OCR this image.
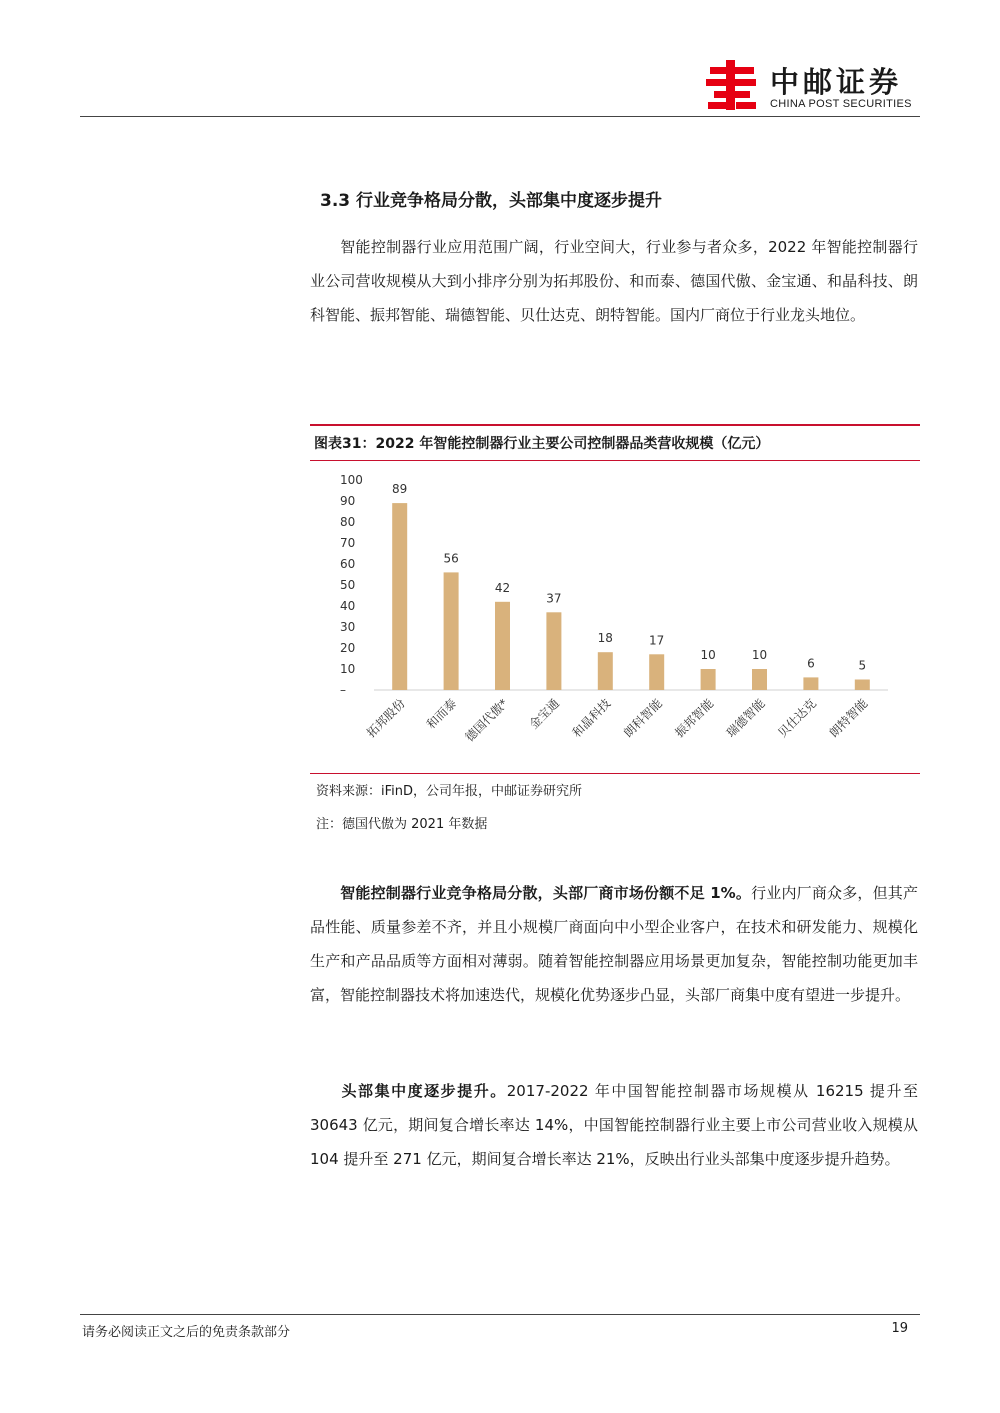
中邮证券
CHINA POST SECURITIES
3.3 行业竞争格局分散，头部集中度逐步提升
智能控制器行业应用范围广阔，行业空间大，行业参与者众多，2022 年智能控制器行业公司营收规模从大到小排序分别为拓邦股份、和而泰、德国代傲、金宝通、和晶科技、朗科智能、振邦智能、瑞德智能、贝仕达克、朗特智能。国内厂商位于行业龙头地位。
图表31：2022 年智能控制器行业主要公司控制器品类营收规模（亿元）
–
10
20
30
40
50
60
70
80
90
100
89
56
42
37
18	17
10	10
6	5
拓邦股份 和而泰 德国代傲* 金宝通 和晶科技 朗科智能 振邦智能 瑞德智能 贝仕达克 朗特智能
资料来源：iFinD，公司年报，中邮证券研究所
注：德国代傲为 2021 年数据
智能控制器行业竞争格局分散，头部厂商市场份额不足 1%。行业内厂商众多，但其产品性能、质量参差不齐，并且小规模厂商面向中小型企业客户，在技术和研发能力、规模化生产和产品品质等方面相对薄弱。随着智能控制器应用场景更加复杂，智能控制功能更加丰富，智能控制器技术将加速迭代，规模化优势逐步凸显，头部厂商集中度有望进一步提升。
头部集中度逐步提升。2017-2022 年中国智能控制器市场规模从 16215 提升至 30643 亿元，期间复合增长率达 14%，中国智能控制器行业主要上市公司营业收入规模从 104 提升至 271 亿元，期间复合增长率达 21%，反映出行业头部集中度逐步提升趋势。
请务必阅读正文之后的免责条款部分	19
